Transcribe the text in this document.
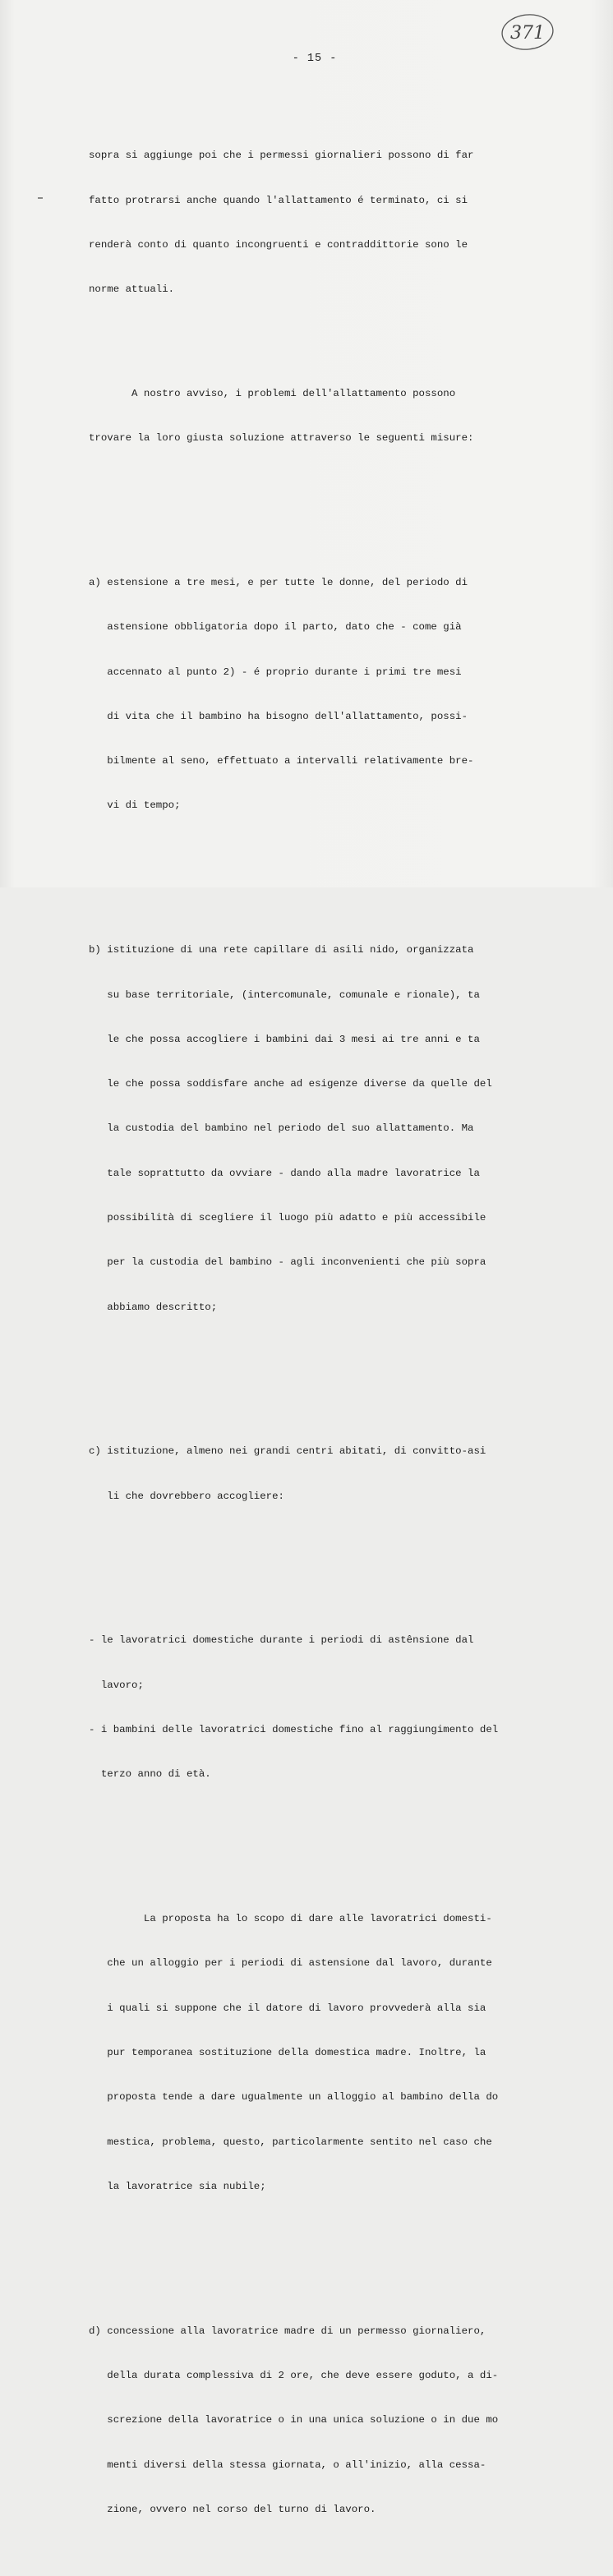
371
- 15 -

sopra si aggiunge poi che i permessi giornalieri possono di far

fatto protrarsi anche quando l'allattamento é terminato, ci si

renderà conto di quanto incongruenti e contraddittorie sono le

norme attuali.

A nostro avviso, i problemi dell'allattamento possono

trovare la loro giusta soluzione attraverso le seguenti misure:

a) estensione a tre mesi, e per tutte le donne, del periodo di

astensione obbligatoria dopo il parto, dato che - come già

accennato al punto 2) - é proprio durante i primi tre mesi

di vita che il bambino ha bisogno dell'allattamento, possi-

bilmente al seno, effettuato a intervalli relativamente bre-

vi di tempo;

b) istituzione di una rete capillare di asili nido, organizzata

su base territoriale, (intercomunale, comunale e rionale), ta

le che possa accogliere i bambini dai 3 mesi ai tre anni e ta

le che possa soddisfare anche ad esigenze diverse da quelle del

la custodia del bambino nel periodo del suo allattamento. Ma

tale soprattutto da ovviare - dando alla madre lavoratrice la

possibilità di scegliere il luogo più adatto e più accessibile

per la custodia del bambino - agli inconvenienti che più sopra

abbiamo descritto;

c) istituzione, almeno nei grandi centri abitati, di convitto-asi

li che dovrebbero accogliere:

- le lavoratrici domestiche durante i periodi di astênsione dal

lavoro;

- i bambini delle lavoratrici domestiche fino al raggiungimento del

terzo anno di età.

La proposta ha lo scopo di dare alle lavoratrici domesti-

che un alloggio per i periodi di astensione dal lavoro, durante

i quali si suppone che il datore di lavoro provvederà alla sia

pur temporanea sostituzione della domestica madre. Inoltre, la

proposta tende a dare ugualmente un alloggio al bambino della do

mestica, problema, questo, particolarmente sentito nel caso che

la lavoratrice sia nubile;

d) concessione alla lavoratrice madre di un permesso giornaliero,

della durata complessiva di 2 ore, che deve essere goduto, a di-

screzione della lavoratrice o in una unica soluzione o in due mo

menti diversi della stessa giornata, o all'inizio, alla cessa-

zione, ovvero nel corso del turno di lavoro.
